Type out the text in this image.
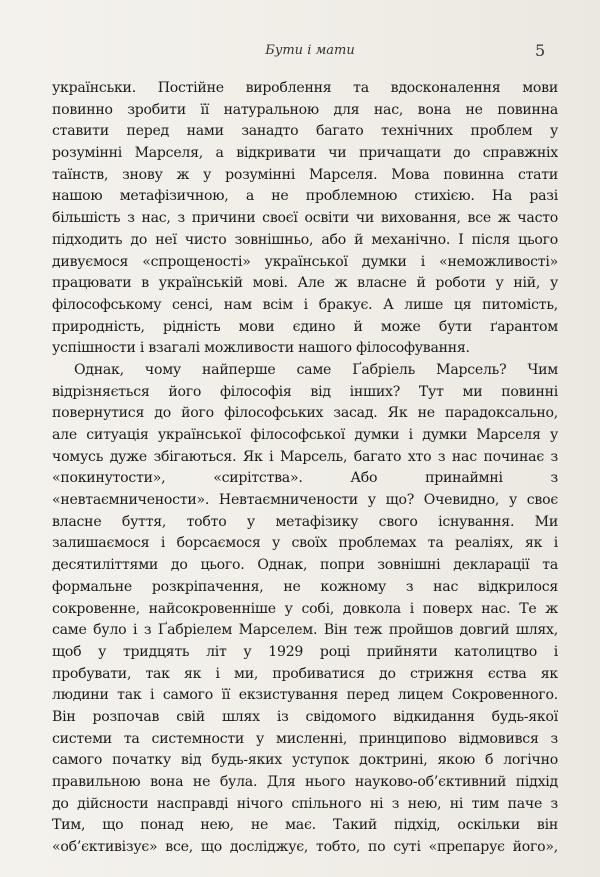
Бути і мати	5
українськи. Постійне вироблення та вдосконалення мови
повинно зробити її натуральною для нас, вона не повинна
ставити перед нами занадто багато технічних проблем у
розумінні Марселя, а відкривати чи причащати до справжніх
таїнств, знову ж у розумінні Марселя. Мова повинна стати
нашою метафізичною, а не проблемною стихією. На разі
більшість з нас, з причини своєї освіти чи виховання, все ж часто
підходить до неї чисто зовнішньо, або й механічно. І після цього
дивуємося «спрощеності» української думки і «неможливості»
працювати в українській мові. Але ж власне й роботи у ній, у
філософському сенсі, нам всім і бракує. А лише ця питомість,
природність, рідність мови єдино й може бути ґарантом
успішности і взагалі можливости нашого філософування.
Однак, чому найперше саме Ґабріель Марсель? Чим
відрізняється його філософія від інших? Тут ми повинні
повернутися до його філософських засад. Як не парадоксально,
але ситуація української філософської думки і думки Марселя у
чомусь дуже збігаються. Як і Марсель, багато хто з нас починає з
«покинутости», «сирітства». Або принаймні з
«невтаємничености». Невтаємничености у що? Очевидно, у своє
власне буття, тобто у метафізику свого існування. Ми
залишаємося і борсаємося у своїх проблемах та реаліях, як і
десятиліттями до цього. Однак, попри зовнішні декларації та
формальне розкріпачення, не кожному з нас відкрилося
сокровенне, найсокровенніше у собі, довкола і поверх нас. Те ж
саме було і з Ґабріелем Марселем. Він теж пройшов довгий шлях,
щоб у тридцять літ у 1929 році прийняти католицтво і
пробувати, так як і ми, пробиватися до стрижня єства як
людини так і самого її екзистування перед лицем Сокровенного.
Він розпочав свій шлях із свідомого відкидання будь-якої
системи та системности у мисленні, принципово відмовився з
самого початку від будь-яких уступок доктрині, якою б логічно
правильною вона не була. Для нього науково-об’єктивний підхід
до дійсности насправді нічого спільного ні з нею, ні тим паче з
Тим, що понад нею, не має. Такий підхід, оскільки він
«об’єктивізує» все, що досліджує, тобто, по суті «препарує його»,
